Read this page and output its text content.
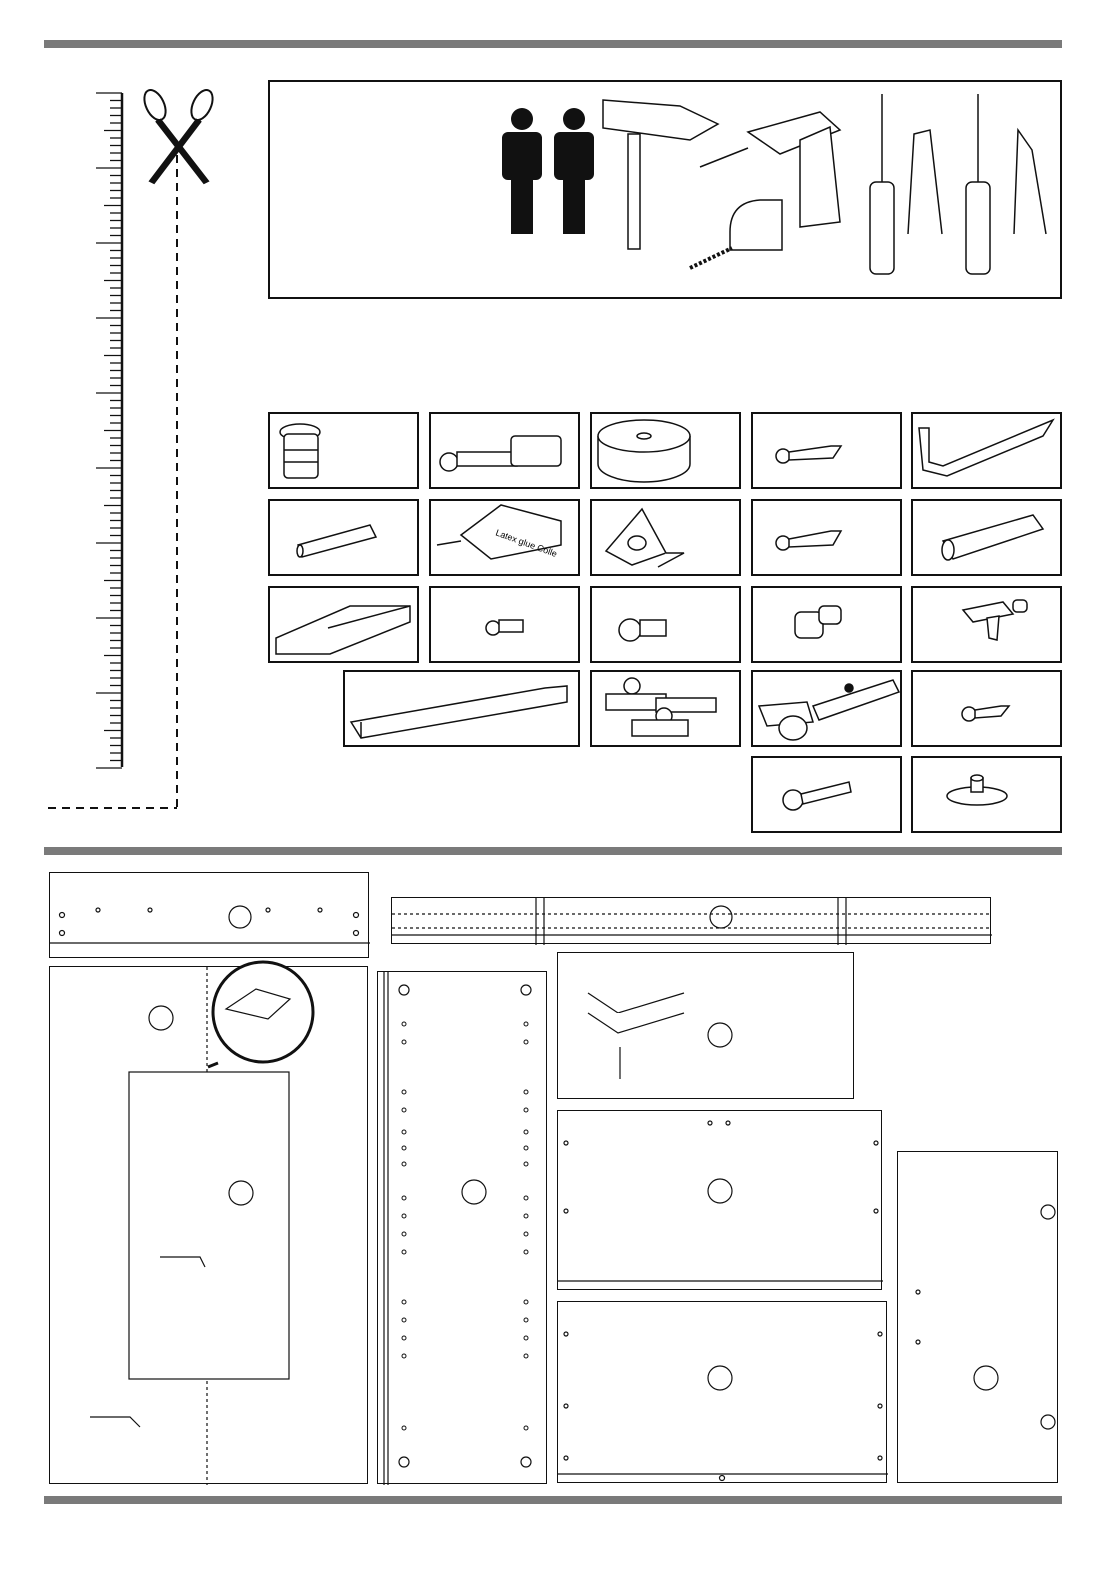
Latex glue Colle
